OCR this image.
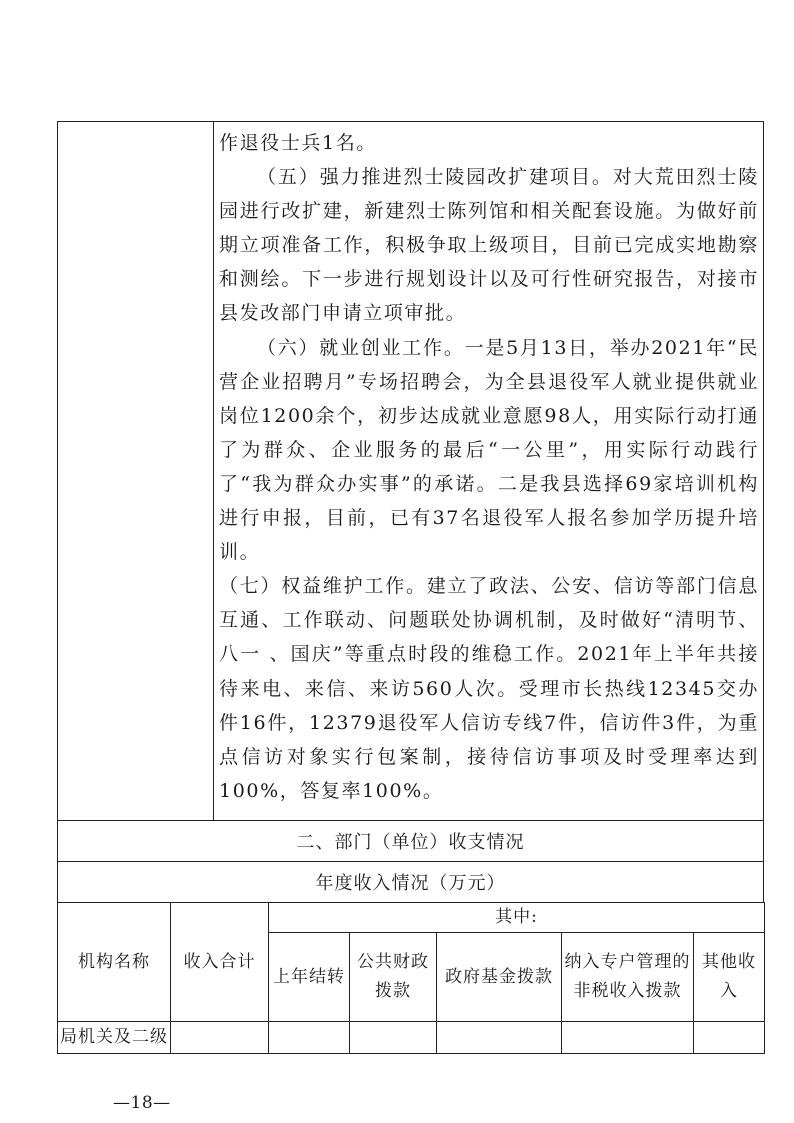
作退役士兵1名。

（五）强力推进烈士陵园改扩建项目。对大荒田烈士陵园进行改扩建，新建烈士陈列馆和相关配套设施。为做好前期立项准备工作，积极争取上级项目，目前已完成实地勘察和测绘。下一步进行规划设计以及可行性研究报告，对接市县发改部门申请立项审批。

（六）就业创业工作。一是5月13日，举办2021年“民营企业招聘月”专场招聘会，为全县退役军人就业提供就业岗位1200余个，初步达成就业意愿98人，用实际行动打通了为群众、企业服务的最后“一公里”，用实际行动践行了“我为群众办实事”的承诺。二是我县选择69家培训机构进行申报，目前，已有37名退役军人报名参加学历提升培训。

（七）权益维护工作。建立了政法、公安、信访等部门信息互通、工作联动、问题联处协调机制，及时做好“清明节、八一 、国庆”等重点时段的维稳工作。2021年上半年共接待来电、来信、来访560人次。受理市长热线12345交办件16件，12379退役军人信访专线7件，信访件3件，为重点信访对象实行包案制，接待信访事项及时受理率达到100%，答复率100%。

二、部门（单位）收支情况
年度收入情况（万元）
机构名称	收入合计	其中:				
		上年结转	公共财政拨款	政府基金拨款	纳入专户管理的非税收入拨款	其他收入
局机关及二级						
—18—
